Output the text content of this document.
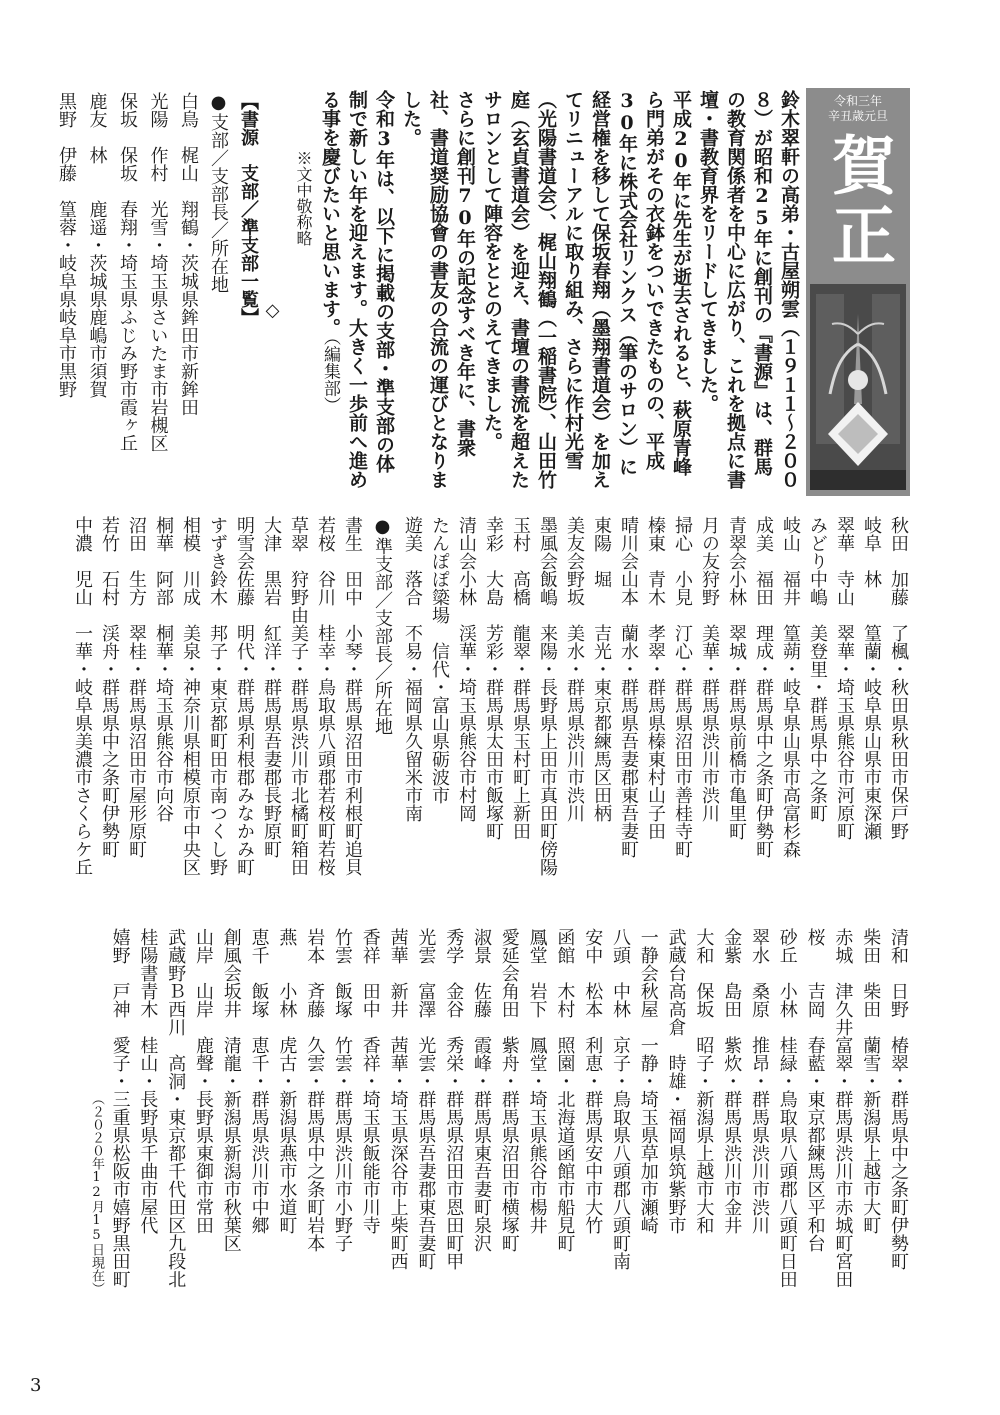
令和三年
辛丑歳元旦
賀正

鈴木翠軒の高弟・古屋朔雲（１９１１〜２００８）が昭和25年に創刊の『書源』は、群馬の教育関係者を中心に広がり、これを拠点に書壇・書教育界をリードしてきました。

平成20年に先生が逝去されると、萩原青峰ら門弟がその衣鉢をついできたものの、平成30年に株式会社リンクス（筆のサロン）に経営権を移して保坂春翔（墨翔書道会）を加えてリニューアルに取り組み、さらに作村光雪（光陽書道会）、梶山翔鶴（一稲書院）、山田竹庭（玄貞書道会）を迎え、書壇の書流を超えたサロンとして陣容をととのえてきました。

さらに創刊70年の記念すべき年に、書衆社、書道奨励協會の書友の合流の運びとなりました。

令和3年は、以下に掲載の支部・準支部の体制で新しい年を迎えます。大きく一歩前へ進める事を慶びたいと思います。（編集部）

※文中敬称略
◇
【書源　支部／準支部一覧】
●支部／支部長／所在地
白鳥　梶山　翔鶴・茨城県鉾田市新鉾田
光陽　作村　光雪・埼玉県さいたま市岩槻区
保坂　保坂　春翔・埼玉県ふじみ野市霞ヶ丘
鹿友　林　　鹿遥・茨城県鹿嶋市須賀
黒野　伊藤　篁蓉・岐阜県岐阜市黒野
秋田　加藤　了楓・秋田県秋田市保戸野
岐阜　林　　篁蘭・岐阜県山県市東深瀬
翠華　寺山　翠華・埼玉県熊谷市河原町
みどり中嶋　美登里・群馬県中之条町
岐山　福井　篁蒴・岐阜県山県市高富杉森
成美　福田　理成・群馬県中之条町伊勢町
青翠会小林　翠城・群馬県前橋市亀里町
月の友狩野　美華・群馬県渋川市渋川
掃心　小見　汀心・群馬県沼田市善桂寺町
榛東　青木　孝翠・群馬県榛東村山子田
晴川会山本　蘭水・群馬県吾妻郡東吾妻町
東陽　堀　　吉光・東京都練馬区田柄
美友会野坂　美水・群馬県渋川市渋川
墨風会飯嶋　来陽・長野県上田市真田町傍陽
玉村　高橋　龍翠・群馬県玉村町上新田
幸彩　大島　芳彩・群馬県太田市飯塚町
清山会小林　渓華・埼玉県熊谷市村岡
たんぽぽ簗場　信代・富山県砺波市
遊美　落合　不易・福岡県久留米市南
●準支部／支部長／所在地
書生　田中　小琴・群馬県沼田市利根町追貝
若桜　谷川　桂幸・鳥取県八頭郡若桜町若桜
草翠　狩野由美子・群馬県渋川市北橘町箱田
大津　黒岩　紅洋・群馬県吾妻郡長野原町
明雪会佐藤　明代・群馬県利根郡みなかみ町
すずき鈴木　邦子・東京都町田市南つくし野
相模　川成　美泉・神奈川県相模原市中央区
桐華　阿部　桐華・埼玉県熊谷市向谷
沼田　生方　翠桂・群馬県沼田市屋形原町
若竹　石村　渓舟・群馬県中之条町伊勢町
中濃　児山　一華・岐阜県美濃市さくらケ丘
清和　日野　椿翠・群馬県中之条町伊勢町
柴田　柴田　蘭雪・新潟県上越市大町
赤城　津久井富翠・群馬県渋川市赤城町宮田
桜　　吉岡　春藍・東京都練馬区平和台
砂丘　小林　桂緑・鳥取県八頭郡八頭町日田
翠水　桑原　推昂・群馬県渋川市渋川
金紫　島田　紫炊・群馬県渋川市金井
大和　保坂　昭子・新潟県上越市大和
武蔵台高高倉　時雄・福岡県筑紫野市
一静会秋屋　一静・埼玉県草加市瀬崎
八頭　中林　京子・鳥取県八頭郡八頭町南
安中　松本　利恵・群馬県安中市大竹
函館　木村　照園・北海道函館市船見町
鳳堂　岩下　鳳堂・埼玉県熊谷市楊井
愛延会角田　紫舟・群馬県沼田市横塚町
淑景　佐藤　霞峰・群馬県東吾妻町泉沢
秀学　金谷　秀栄・群馬県沼田市恩田町甲
光雲　富澤　光雲・群馬県吾妻郡東吾妻町
茜華　新井　茜華・埼玉県深谷市上柴町西
香祥　田中　香祥・埼玉県飯能市川寺
竹雲　飯塚　竹雲・群馬県渋川市小野子
岩本　斉藤　久雲・群馬県中之条町岩本
燕　　小林　虎古・新潟県燕市水道町
恵千　飯塚　恵千・群馬県渋川市中郷
創風会坂井　清龍・新潟県新潟市秋葉区
山岸　山岸　鹿聲・長野県東御市常田
武蔵野Ｂ西川　高洞・東京都千代田区九段北
桂陽書青木　桂山・長野県千曲市屋代
嬉野　戸神　愛子・三重県松阪市嬉野黒田町
（２０２０年12月15日現在）
3
